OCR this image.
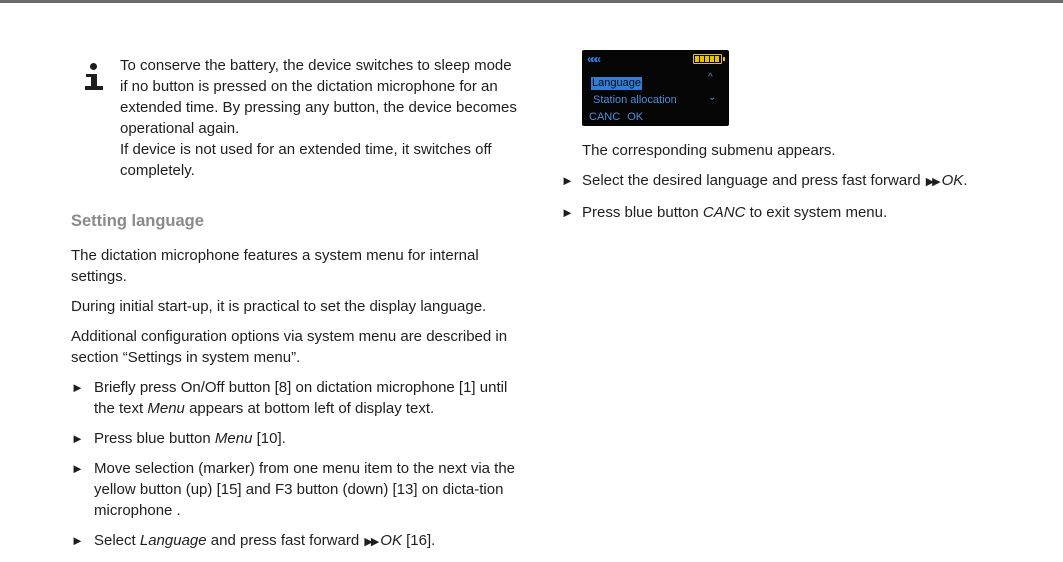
To conserve the battery, the device switches to sleep mode if no button is pressed on the dictation microphone for an extended time. By pressing any button, the device becomes operational again.

If device is not used for an extended time, it switches off completely.

Setting language

The dictation microphone features a system menu for internal settings.

During initial start-up, it is practical to set the display language.

Additional configuration options via system menu are described in section “Settings in system menu”.

► Briefly press On/Off button [8] on dictation microphone [1] until the text Menu appears at bottom left of display text.
► Press blue button Menu [10].
► Move selection (marker) from one menu item to the next via the yellow button (up) [15] and F3 button (down) [13] on dicta-tion microphone .
► Select Language and press fast forward ▶▶ OK [16].
«««
Language
Station allocation
^
⌄
CANC OK

The corresponding submenu appears.

► Select the desired language and press fast forward ▶▶ OK.
► Press blue button CANC to exit system menu.
